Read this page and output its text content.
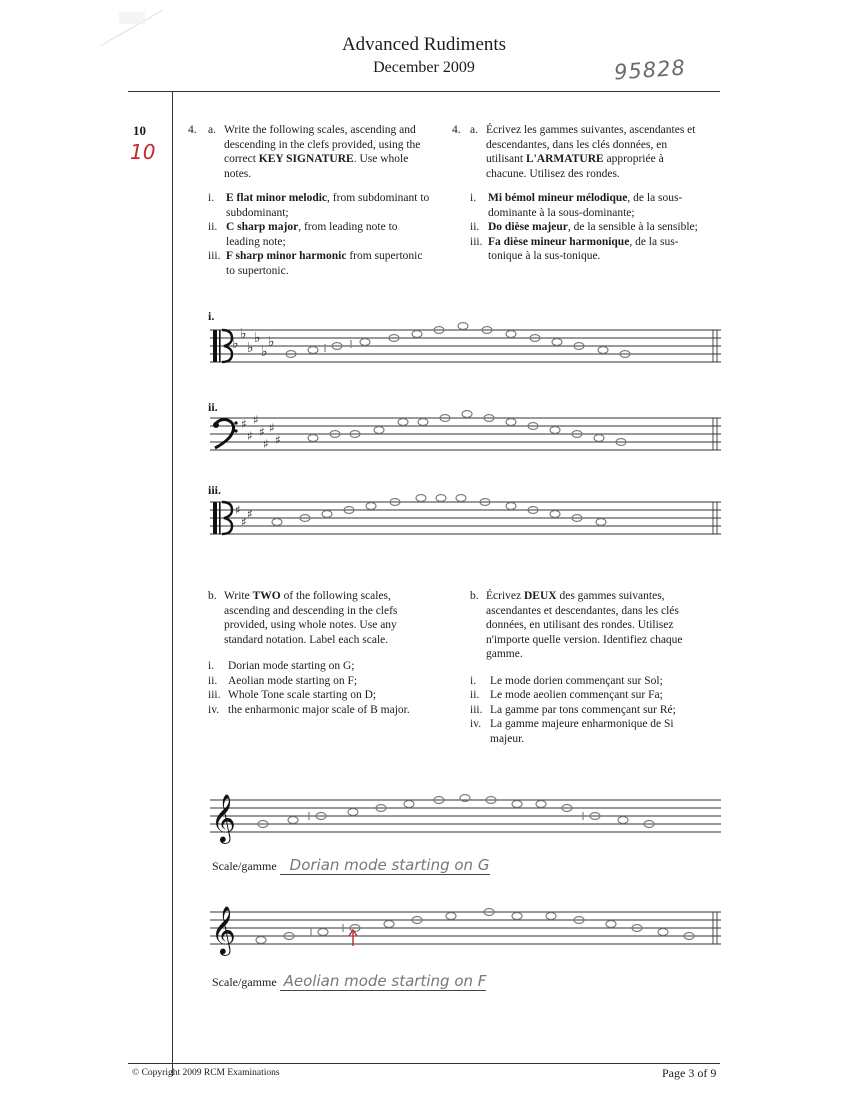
Advanced Rudiments
December 2009	95828
10
10
4. a. Write the following scales, ascending and descending in the clefs provided, using the correct KEY SIGNATURE. Use whole notes.
i. E flat minor melodic, from subdominant to subdominant;
ii. C sharp major, from leading note to leading note;
iii. F sharp minor harmonic from supertonic to supertonic.
4. a. Écrivez les gammes suivantes, ascendantes et descendantes, dans les clés données, en utilisant L'ARMATURE appropriée à chacune. Utilisez des rondes.
i. Mi bémol mineur mélodique, de la sous-dominante à la sous-dominante;
ii. Do dièse majeur, de la sensible à la sensible;
iii. Fa dièse mineur harmonique, de la sus-tonique à la sus-tonique.
i.
ii.
iii.
♭
♭
♭
♭
♭
♭
♯
♯
♯
♯
♯
♯
♯
♯
♯
♯
b. Write TWO of the following scales, ascending and descending in the clefs provided, using whole notes. Use any standard notation. Label each scale.
i. Dorian mode starting on G;
ii. Aeolian mode starting on F;
iii. Whole Tone scale starting on D;
iv. the enharmonic major scale of B major.
b. Écrivez DEUX des gammes suivantes, ascendantes et descendantes, dans les clés données, en utilisant des rondes. Utilisez n'importe quelle version. Identifiez chaque gamme.
i. Le mode dorien commençant sur Sol;
ii. Le mode aeolien commençant sur Fa;
iii. La gamme par tons commençant sur Ré;
iv. La gamme majeure enharmonique de Si majeur.
𝄞
Scale/gamme Dorian mode starting on G
𝄞
Scale/gamme Aeolian mode starting on F
© Copyright 2009 RCM Examinations	Page 3 of 9
